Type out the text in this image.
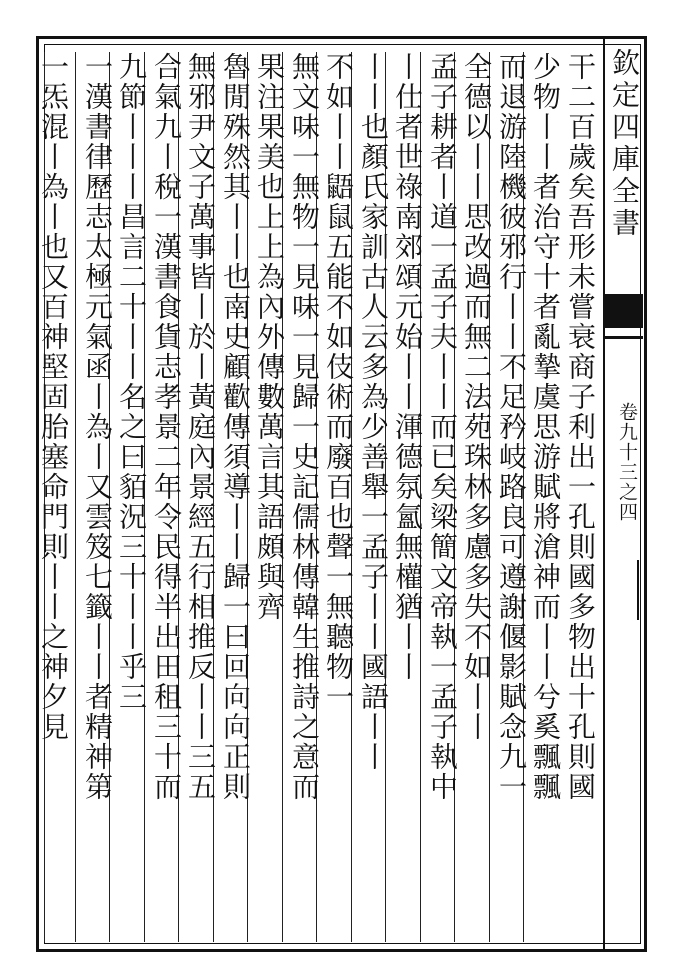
欽定四庫全書
卷九十三之四
干二百歲矣吾形未嘗衰商子利出一孔則國多物出十孔則國
少物丨丨者治守十者亂摯虞思游賦將滄神而丨丨兮奚飄飄
而退游陸機彼邪行丨丨不足矜岐路良可遵謝偃影賦念九一
全德以丨丨思改過而無二法苑珠林多慮多失不如丨丨
孟子耕者丨道一孟子夫丨丨而已矣梁簡文帝執一孟子執中
丨仕者世祿南郊頌元始丨丨渾德氛氳無權猶丨丨
丨丨也顏氏家訓古人云多為少善舉一孟子丨丨國語丨丨
不如丨丨鼯鼠五能不如伎術而廢百也聲一無聽物一
無文味一無物一見味一見歸一史記儒林傳韓生推詩之意而
果注果美也上上為內外傳數萬言其語頗與齊
魯閒殊然其丨丨也南史顧歡傳須導丨丨歸一曰回向向正則
無邪尹文子萬事皆丨於丨黃庭內景經五行相推反丨丨三五
合氣九丨稅一漢書食貨志孝景二年令民得半出田租三十而
九節丨丨丨昌言二十丨丨名之曰貊況三十丨丨乎三
一漢書律歷志太極元氣函丨為丨又雲笈七籤丨丨者精神第
一炁混丨為丨也又百神堅固胎塞命門則丨丨之神夕見
